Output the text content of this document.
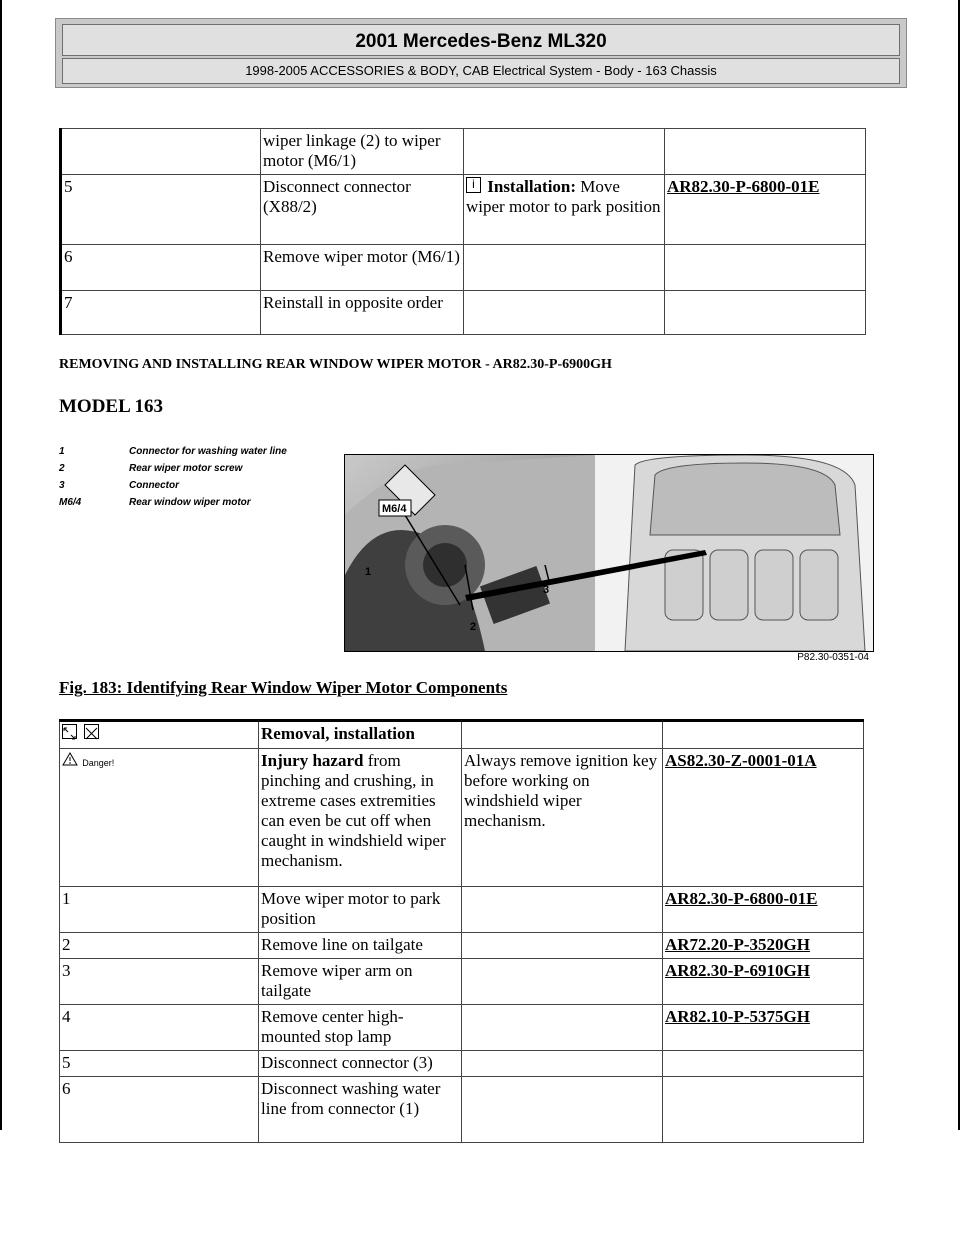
2001 Mercedes-Benz ML320
1998-2005 ACCESSORIES & BODY, CAB Electrical System - Body - 163 Chassis
	wiper linkage (2) to wiper motor (M6/1)		
5	Disconnect connector (X88/2)	i Installation: Move wiper motor to park position	AR82.30-P-6800-01E
6	Remove wiper motor (M6/1)		
7	Reinstall in opposite order		
REMOVING AND INSTALLING REAR WINDOW WIPER MOTOR - AR82.30-P-6900GH
MODEL 163
1	Connector for washing water line
2	Rear wiper motor screw
3	Connector
M6/4	Rear window wiper motor
M6/4
1
2
3
P82.30-0351-04
Fig. 183: Identifying Rear Window Wiper Motor Components
	Removal, installation		
Danger!	Injury hazard from pinching and crushing, in extreme cases extremities can even be cut off when caught in windshield wiper mechanism.	Always remove ignition key before working on windshield wiper mechanism.	AS82.30-Z-0001-01A
1	Move wiper motor to park position		AR82.30-P-6800-01E
2	Remove line on tailgate		AR72.20-P-3520GH
3	Remove wiper arm on tailgate		AR82.30-P-6910GH
4	Remove center high-mounted stop lamp		AR82.10-P-5375GH
5	Disconnect connector (3)		
6	Disconnect washing water line from connector (1)		
